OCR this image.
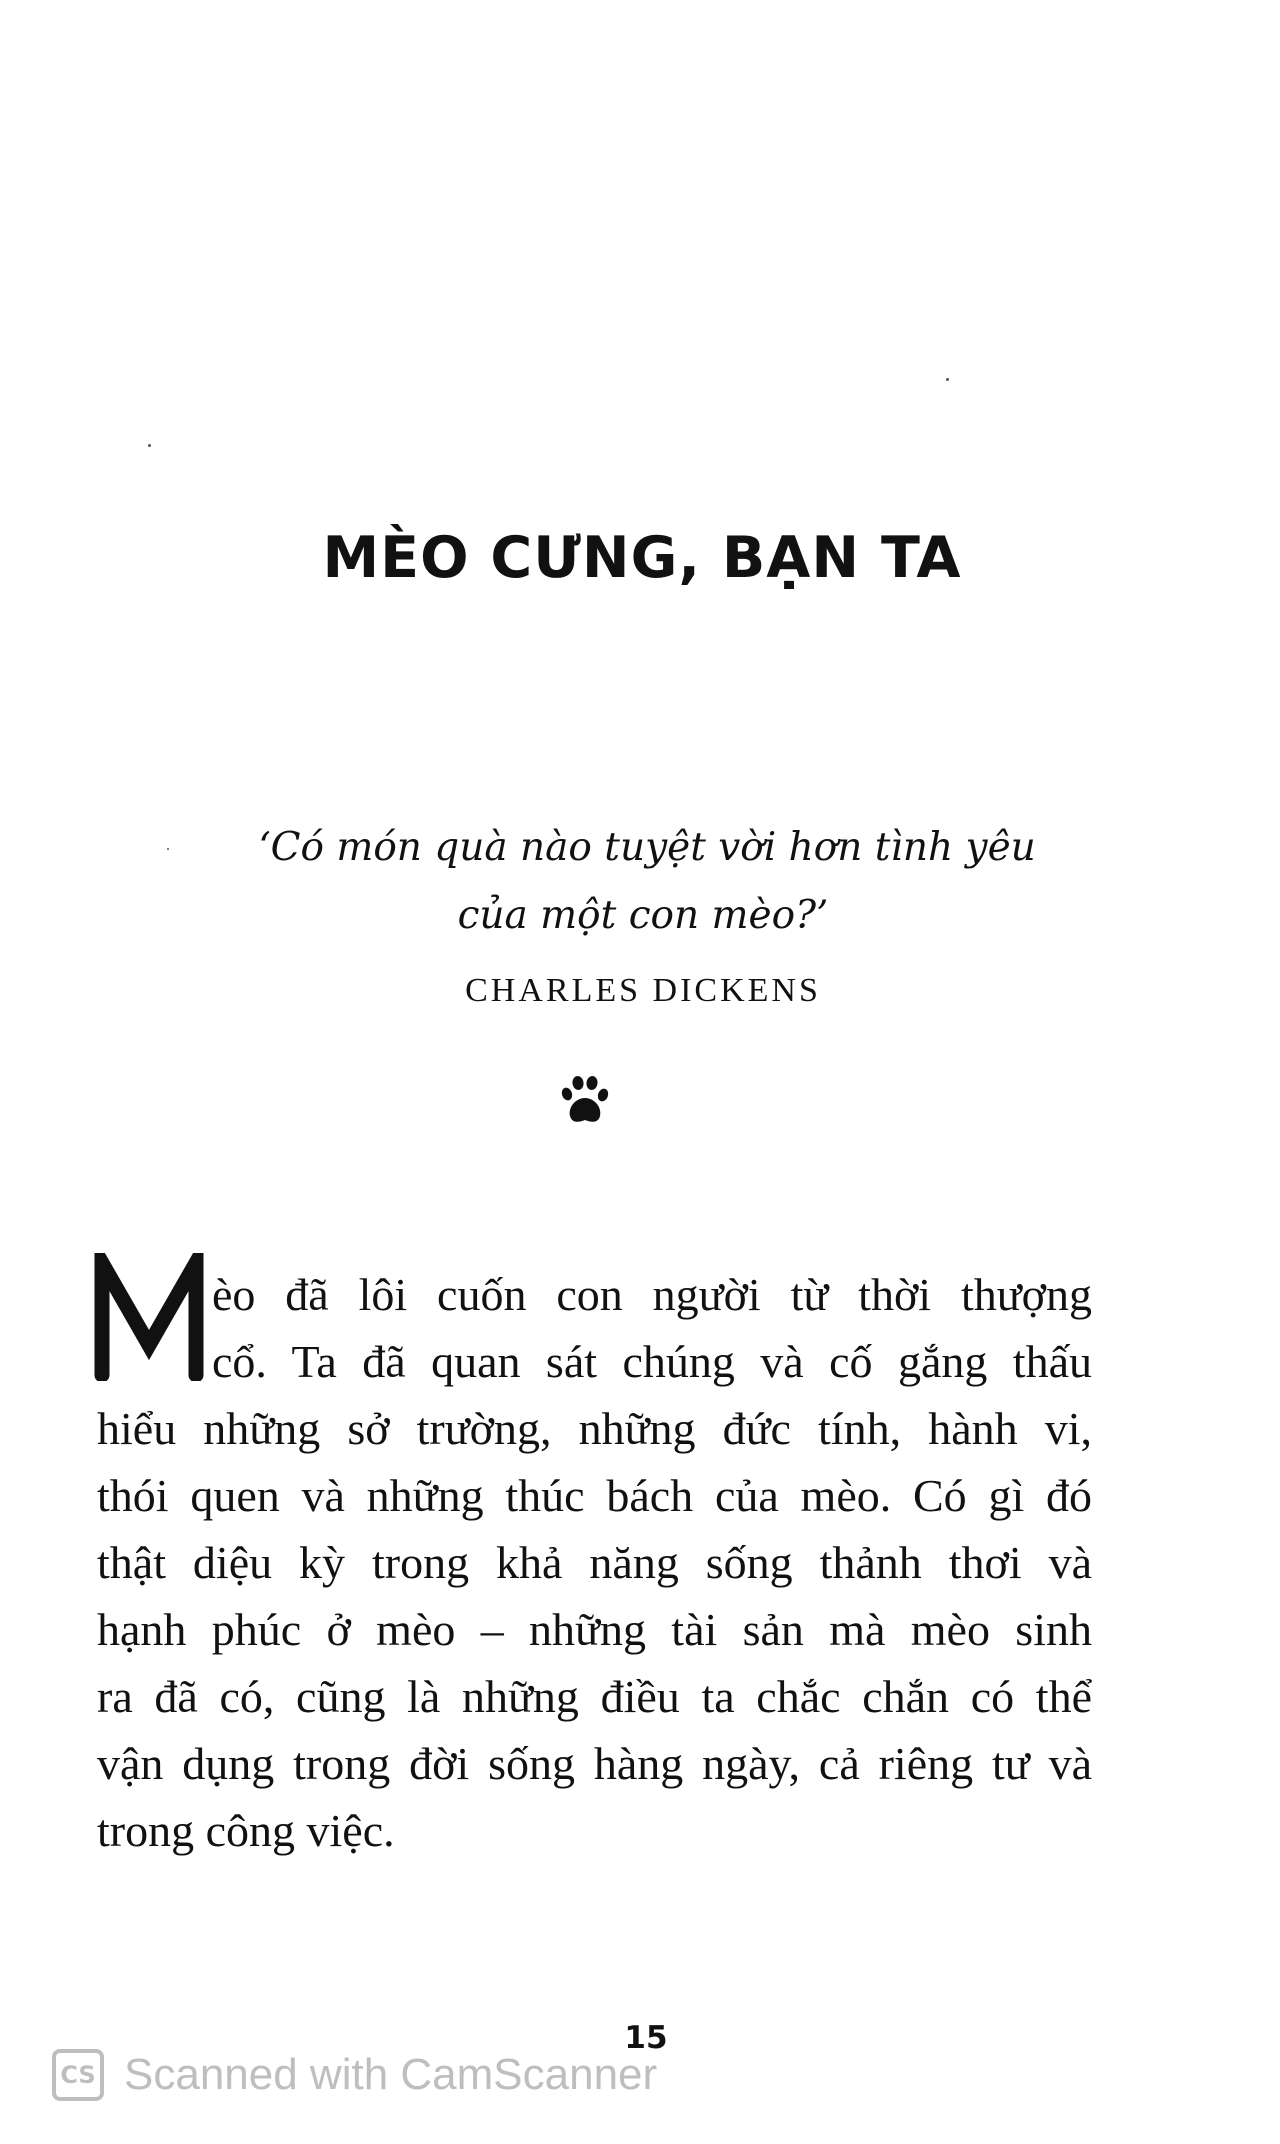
MÈO CƯNG, BẠN TA

‘Có món quà nào tuyệt vời hơn tình yêu

của một con mèo?’

CHARLES DICKENS
M
èo đã lôi cuốn con người từ thời thượng
cổ. Ta đã quan sát chúng và cố gắng thấu
hiểu những sở trường, những đức tính, hành vi,
thói quen và những thúc bách của mèo. Có gì đó
thật diệu kỳ trong khả năng sống thảnh thơi và
hạnh phúc ở mèo – những tài sản mà mèo sinh
ra đã có, cũng là những điều ta chắc chắn có thể
vận dụng trong đời sống hàng ngày, cả riêng tư và
trong công việc.
15
CS Scanned with CamScanner
